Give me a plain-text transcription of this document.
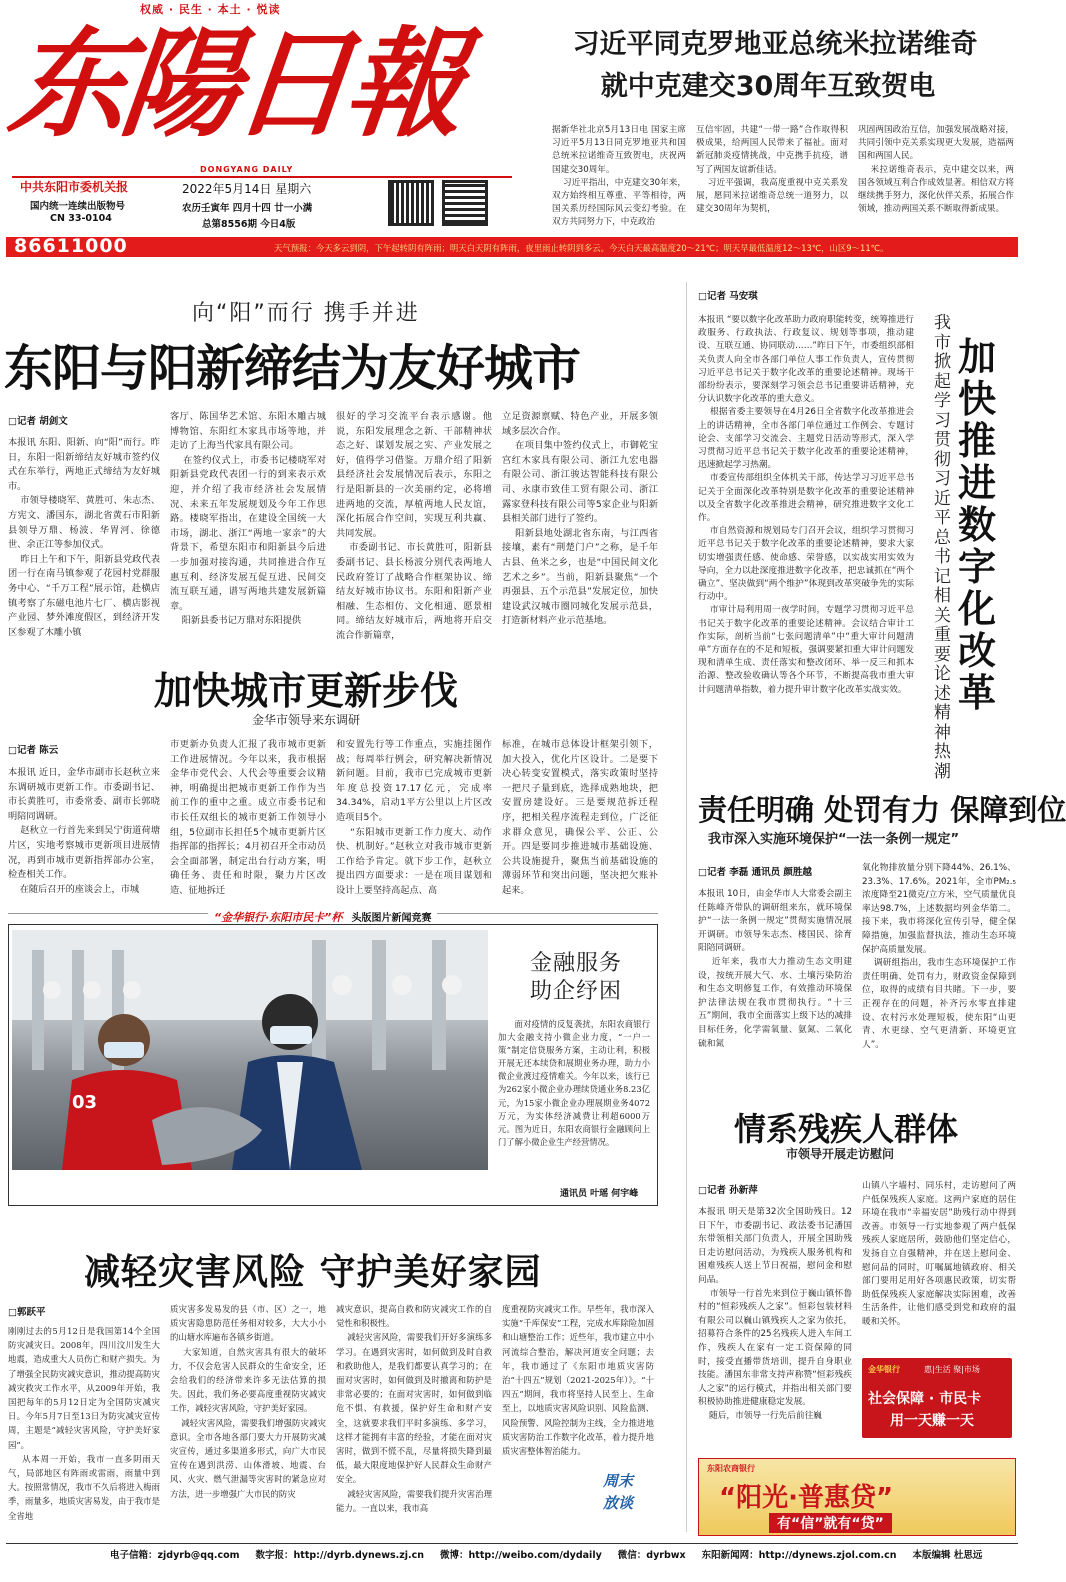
权威 · 民生 · 本土 · 悦读
东陽日報
DONGYANG DAILY
中共东阳市委机关报
国内统一连续出版物号
CN 33-0104
2022年5月14日 星期六
农历壬寅年 四月十四 廿一小满
总第8556期 今日4版
86611000	天气预报：今天多云到阴，下午起转阴有阵雨；明天白天阴有阵雨，夜里雨止转阴到多云。今天白天最高温度20～21℃；明天早最低温度12～13℃，山区9～11℃。
习近平同克罗地亚总统米拉诺维奇
就中克建交30周年互致贺电
据新华社北京5月13日电 国家主席习近平5月13日同克罗地亚共和国总统米拉诺维奇互致贺电，庆祝两国建交30周年。
习近平指出，中克建交30年来，双方始终相互尊重、平等相待，两国关系历经国际风云变幻考验。在双方共同努力下，中克政治
互信牢固，共建“一带一路”合作取得积极成果，给两国人民带来了福祉。面对新冠肺炎疫情挑战，中克携手抗疫，谱写了两国友谊新佳话。
习近平强调，我高度重视中克关系发展，愿同米拉诺维奇总统一道努力，以建交30周年为契机，
巩固两国政治互信，加强发展战略对接，共同引领中克关系实现更大发展，造福两国和两国人民。
米拉诺维奇表示，克中建交以来，两国各领域互利合作成效显著。相信双方将继续携手努力，深化伙伴关系，拓展合作领域，推动两国关系不断取得新成果。
向“阳”而行 携手并进
东阳与阳新缔结为友好城市
□记者 胡剑文
本报讯 东阳、阳新、向“阳”而行。昨日，东阳一阳新缔结友好城市签约仪式在东举行，两地正式缔结为友好城市。
市领导楼晓军、黄胜可、朱志杰、方宪文、潘国东，湖北省黄石市阳新县领导万鼎、杨波、华胃河、徐德世、余正江等参加仪式。
昨日上午和下午，阳新县党政代表团一行在南马镇参观了花园村党群服务中心、“千万工程”展示馆，赴横店镇考察了东磁电池片七厂、横店影视产业园、梦外滩度假区，到经济开发区参观了木雕小镇
客厅、陈国华艺术馆、东阳木雕古城博物馆、东阳红木家具市场等地，并走访了上海当代家具有限公司。
在签约仪式上，市委书记楼晓军对阳新县党政代表团一行的到来表示欢迎，并介绍了我市经济社会发展情况、未来五年发展规划及今年工作思路。楼晓军指出，在建设全国统一大市场，湖北、浙江“两地一家亲”的大背景下，希望东阳市和阳新县今后进一步加强对接沟通，共同推进合作互惠互利、经济发展互促互进、民间交流互联互通，谱写两地共建发展新篇章。
阳新县委书记万鼎对东阳提供
很好的学习交流平台表示感谢。他说，东阳发展理念之新、干部精神状态之好、谋划发展之实、产业发展之好，值得学习借鉴。万鼎介绍了阳新县经济社会发展情况后表示，东阳之行是阳新县的一次美丽约定，必将增进两地的交流，厚植两地人民友谊，深化拓展合作空间，实现互利共赢、共同发展。
市委副书记、市长黄胜可，阳新县委副书记、县长杨波分别代表两地人民政府签订了战略合作框架协议、缔结友好城市协议书。东阳和阳新产业相融、生态相仿、文化相通、愿景相同。缔结友好城市后，两地将开启交流合作新篇章，
立足资源禀赋、特色产业，开展多领域多层次合作。
在项目集中签约仪式上，市御乾宝宫红木家具有限公司、浙江九宏电器有限公司、浙江骏达智能科技有限公司、永康市致佳工贸有限公司、浙江露家登科技有限公司等5家企业与阳新县相关部门进行了签约。
阳新县地处湖北省东南，与江西省接壤，素有“荆楚门户”之称，是千年古县、鱼米之乡，也是“中国民间文化艺术之乡”。当前，阳新县聚焦“一个再强县、五个示范县”发展定位，加快建设武汉城市圈同城化发展示范县，打造新材料产业示范基地。
加快城市更新步伐
金华市领导来东调研
□记者 陈云
本报讯 近日，金华市副市长赵秋立来东调研城市更新工作。市委副书记、市长黄胜可，市委常委、副市长郭晓明陪同调研。
赵秋立一行首先来到吴宁街道荷塘片区，实地考察城市更新项目进展情况，再到市城市更新指挥部办公室，检查相关工作。
在随后召开的座谈会上，市城
市更新办负责人汇报了我市城市更新工作进展情况。今年以来，我市根据金华市党代会、人代会等重要会议精神，明确提出把城市更新工作作为当前工作的重中之重。成立市委书记和市长任双组长的城市更新工作领导小组，5位副市长担任5个城市更新片区指挥部的指挥长；4月初召开全市动员会全面部署，制定出台行动方案，明确任务、责任和时限，聚力片区改造、征地拆迁
和安置先行等工作重点，实施挂图作战；每周举行例会，研究解决新情况新问题。目前，我市已完成城市更新年度总投资17.17亿元，完成率34.34%，启动1平方公里以上片区改造项目5个。
“东阳城市更新工作力度大、动作快、机制好。”赵秋立对我市城市更新工作给予肯定。就下步工作，赵秋立提出四方面要求：一是在项目谋划和设计上要坚持高起点、高
标准，在城市总体设计框架引领下，加大投入，优化片区设计。二是要下决心转变安置模式，落实政策时坚持一把尺子量到底，选择成熟地块，把安置房建设好。三是要规范拆迁程序，把相关程序流程走到位，广泛征求群众意见，确保公平、公正、公开。四是要同步推进城市基础设施、公共设施提升，聚焦当前基础设施的薄弱环节和突出问题，坚决把欠账补起来。
“金华银行·东阳市民卡”杯 头版图片新闻竞赛
03
金融服务
助企纾困
面对疫情的反复袭扰，东阳农商银行加大金融支持小微企业力度，“一户一策”制定信贷服务方案，主动让利，积极开展无还本续贷和展期业务办理，助力小微企业渡过疫情难关。今年以来，该行已为262家小微企业办理续贷通业务8.23亿元，为15家小微企业办理展期业务4072万元，为实体经济减费让利超6000万元。图为近日，东阳农商银行金融顾问上门了解小微企业生产经营情况。
通讯员 叶瑶 何宇峰
减轻灾害风险 守护美好家园
□郭跃平
刚刚过去的5月12日是我国第14个全国防灾减灾日。2008年，四川汶川发生大地震，造成重大人员伤亡和财产损失。为了增强全民防灾减灾意识，推动提高防灾减灾救灾工作水平，从2009年开始，我国把每年的5月12日定为全国防灾减灾日。今年5月7日至13日为防灾减灾宣传周，主题是“减轻灾害风险，守护美好家园”。
从本周一开始，我市一直多阴雨天气，局部地区有阵雨或雷雨，雨量中到大。按照常情况，我市不久后将进入梅雨季，雨量多，地质灾害易发，由于我市是全省地
质灾害多发易发的县（市、区）之一，地质灾害隐患防范任务相对较多，大大小小的山塘水库遍布各镇乡街道。
大家知道，自然灾害具有很大的破坏力，不仅会危害人民群众的生命安全，还会给我们的经济带来许多无法估算的损失。因此，我们务必要高度重视防灾减灾工作，减轻灾害风险，守护美好家园。
减轻灾害风险，需要我们增强防灾减灾意识。全市各地各部门要大力开展防灾减灾宣传，通过多渠道多形式，向广大市民宣传在遇到洪涝、山体滑坡、地震、台风、火灾、燃气泄漏等灾害时的紧急应对方法，进一步增强广大市民的防灾
减灾意识，提高自救和防灾减灾工作的自觉性和积极性。
减轻灾害风险，需要我们开好多演练多学习。在遇到灾害时，如何做到及时自救和救助他人，是我们都要认真学习的；在面对灾害时，如何做到及时撤离和防护是非常必要的；在面对灾害时，如何做到临危不惧、有救援，保护好生命和财产安全，这就要求我们平时多演练、多学习，这样才能拥有丰富的经验，才能在面对灾害时，做到不慌不乱，尽量将损失降到最低，最大限度地保护好人民群众生命财产安全。
减轻灾害风险，需要我们提升灾害治理能力。一直以来，我市高
度重视防灾减灾工作。早些年，我市深入实施“千库保安”工程，完成水库除险加固和山塘整治工作；近些年，我市建立中小河流综合整治，解决河道安全问题；去年，我市通过了《东阳市地质灾害防治“十四五”规划（2021-2025年）》。“十四五”期间，我市将坚持人民至上、生命至上，以地质灾害风险识别、风险监测、风险预警、风险控制为主线，全力推进地质灾害防治工作数字化改革，着力提升地质灾害整体智治能力。
周末
放谈
□记者 马安琪
本报讯 “要以数字化改革助力政府职能转变，统筹推进行政服务、行政执法、行政复议、规划等事项，推动建设、互联互通、协同联动……”昨日下午，市委组织部相关负责人向全市各部门单位人事工作负责人，宣传贯彻习近平总书记关于数字化改革的重要论述精神。现场干部纷纷表示，要深刻学习领会总书记重要讲话精神，充分认识数字化改革的重大意义。
根据省委主要领导在4月26日全省数字化改革推进会上的讲话精神，全市各部门单位通过工作例会、专题讨论会、支部学习交流会、主题党日活动等形式，深入学习贯彻习近平总书记关于数字化改革的重要论述精神，迅速掀起学习热潮。
市委宣传部组织全体机关干部，传达学习习近平总书记关于全面深化改革特别是数字化改革的重要论述精神以及全省数字化改革推进会精神，研究推进数字文化工作。
市自然资源和规划局专门召开会议，组织学习贯彻习近平总书记关于数字化改革的重要论述精神，要求大家切实增强责任感、使命感、荣誉感，以实战实用实效为导向，全力以赴深度推进数字化改革，把忠诚抓在“两个确立”、坚决做到“两个维护”体现到改革突破争先的实际行动中。
市审计局利用周一夜学时间，专题学习贯彻习近平总书记关于数字化改革的重要论述精神。会议结合审计工作实际，剖析当前“七张问题清单”中“重大审计问题清单”方面存在的不足和短板，强调要紧扣重大审计问题发现和清单生成、责任落实和整改闭环、举一反三和抓本治源、整改验收确认等各个环节，不断提高我市重大审计问题清单指数，着力提升审计数字化改革实战实效。
我市掀起学习贯彻习近平总书记相关重要论述精神热潮
加快推进数字化改革
责任明确 处罚有力 保障到位
我市深入实施环境保护“一法一条例一规定”
□记者 李磊 通讯员 颜胜越
本报讯 10日，由金华市人大常委会副主任陈峰齐带队的调研组来东，就环境保护“一法一条例一规定”贯彻实施情况展开调研。市领导朱志杰、楼国民、徐育阳陪同调研。
近年来，我市大力推动生态文明建设，按统开展大气、水、土壤污染防治和生态文明修复工作，有效推动环境保护法律法规在我市贯彻执行。“十三五”期间，我市全面落实上级下达的减排目标任务，化学需氧量、氨氮、二氧化硫和氮
氧化物排放量分别下降44%、26.1%、23.3%、17.6%。2021年，全市PM₂.₅浓度降至21微克/立方米，空气质量优良率达98.7%，上述数据均列金华第二。接下来，我市将深化宣传引导，健全保障措施，加强监督执法，推动生态环境保护高质量发展。
调研组指出，我市生态环境保护工作责任明确、处罚有力，财政资金保障到位，取得的成绩有目共睹。下一步，要正视存在的问题，补齐污水零直排建设、农村污水处理短板，使东阳“山更青、水更绿、空气更清新、环境更宜人”。
情系残疾人群体
市领导开展走访慰问
□记者 孙新萍
本报讯 明天是第32次全国助残日。12日下午，市委副书记、政法委书记潘国东带领相关部门负责人，开展全国助残日走访慰问活动，为残疾人服务机构和困难残疾人送上节日祝福，慰问金和慰问品。
市领导一行首先来到位于巍山镇怀鲁村的“恒彩残疾人之家”。恒彩包装材料有限公司以巍山镇残疾人之家为依托，招募符合条件的25名残疾人进入车间工作，残疾人在家有一定工资保障的同时，接受直播带货培训，提升自身职业技能。潘国东非常支持声称赞“恒彩残疾人之家”的运行模式，并指出相关部门要积极协助推进健康稳定发展。
随后，市领导一行先后前往巍
山镇八字墙村、同乐村，走访慰问了两户低保残疾人家庭。这两户家庭的居住环境在我市“幸福安居”助残行动中得到改善。市领导一行实地参观了两户低保残疾人家庭居所，鼓励他们坚定信心，发扬自立自强精神，并在送上慰问金、慰问品的同时，叮嘱属地镇政府、相关部门要用足用好各项惠民政策，切实帮助低保残疾人家庭解决实际困难，改善生活条件，让他们感受到党和政府的温暖和关怀。
金华银行	惠|生活 聚|市场
社会保障 · 市民卡
用一天赚一天
东阳农商银行
“阳光·普惠贷”
有“信”就有“贷”
电子信箱：zjdyrb@qq.com 数字报：http://dyrb.dynews.zj.cn 微博：http://weibo.com/dydaily 微信：dyrbwx 东阳新闻网：http://dynews.zjol.com.cn 本版编辑 杜思远
